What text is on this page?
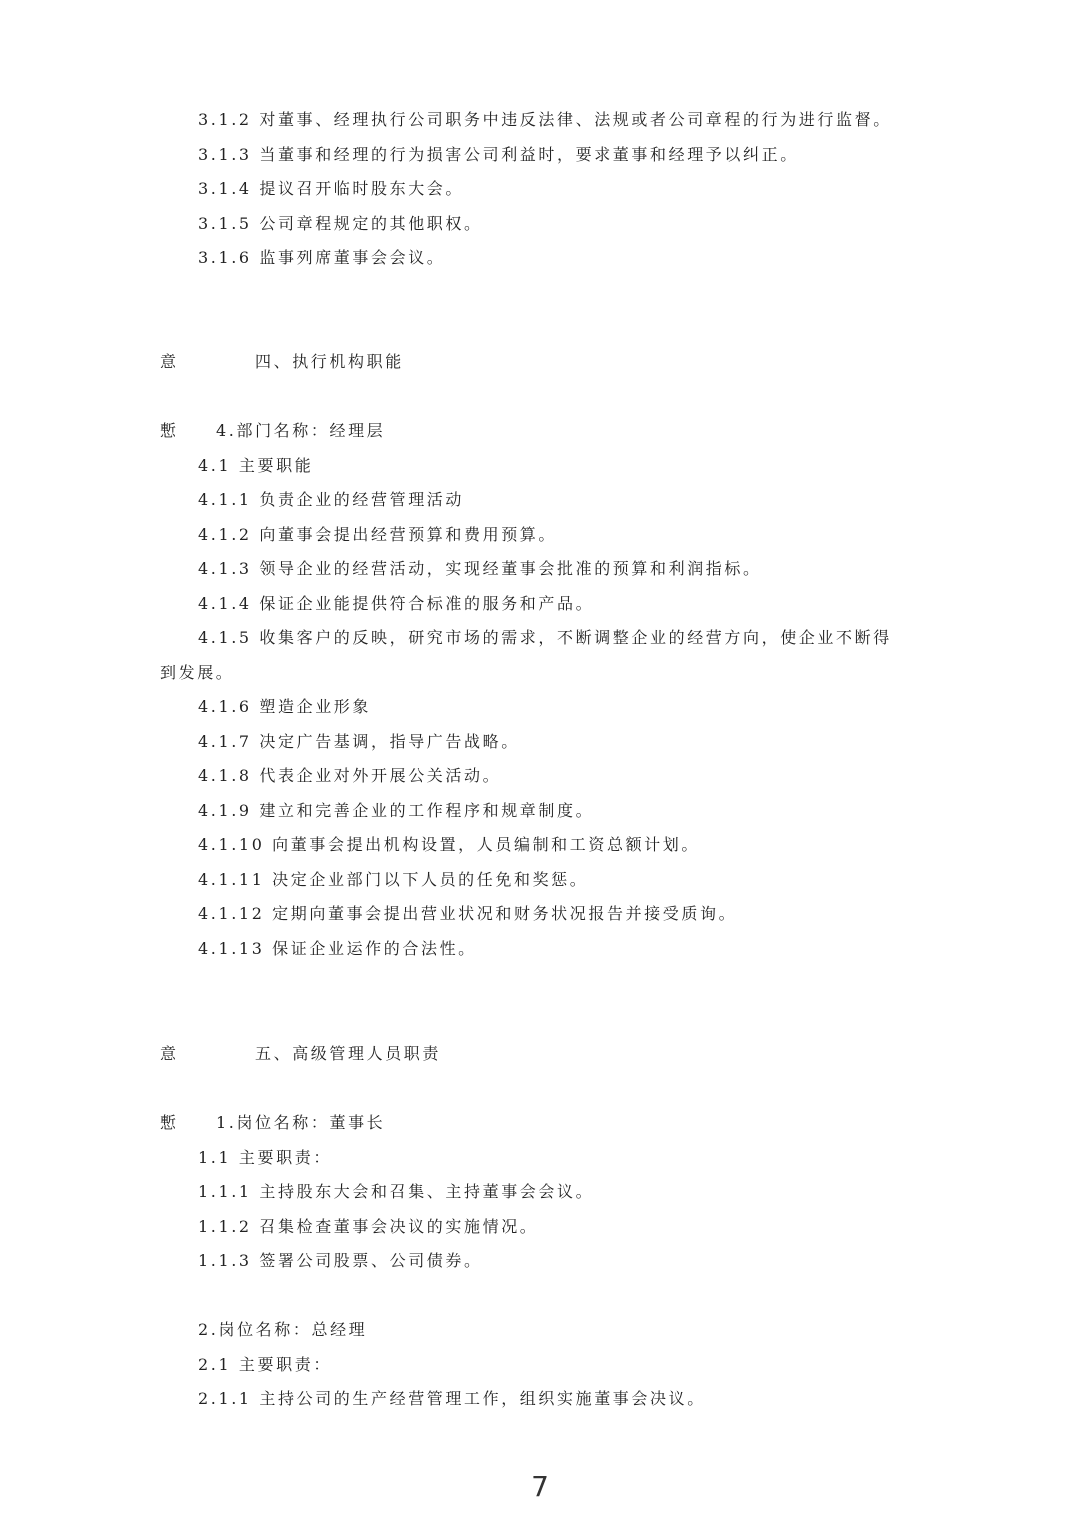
3.1.2 对董事、经理执行公司职务中违反法律、法规或者公司章程的行为进行监督。
3.1.3 当董事和经理的行为损害公司利益时，要求董事和经理予以纠正。
3.1.4 提议召开临时股东大会。
3.1.5 公司章程规定的其他职权。
3.1.6 监事列席董事会会议。
意	四、执行机构职能
慙 4.部门名称：经理层
4.1 主要职能
4.1.1 负责企业的经营管理活动
4.1.2 向董事会提出经营预算和费用预算。
4.1.3 领导企业的经营活动，实现经董事会批准的预算和利润指标。
4.1.4 保证企业能提供符合标准的服务和产品。
4.1.5 收集客户的反映，研究市场的需求，不断调整企业的经营方向，使企业不断得
到发展。
4.1.6 塑造企业形象
4.1.7 决定广告基调，指导广告战略。
4.1.8 代表企业对外开展公关活动。
4.1.9 建立和完善企业的工作程序和规章制度。
4.1.10 向董事会提出机构设置，人员编制和工资总额计划。
4.1.11 决定企业部门以下人员的任免和奖惩。
4.1.12 定期向董事会提出营业状况和财务状况报告并接受质询。
4.1.13 保证企业运作的合法性。
意	五、高级管理人员职责
慙 1.岗位名称：董事长
1.1 主要职责：
1.1.1 主持股东大会和召集、主持董事会会议。
1.1.2 召集检查董事会决议的实施情况。
1.1.3 签署公司股票、公司债券。
2.岗位名称：总经理
2.1 主要职责：
2.1.1 主持公司的生产经营管理工作，组织实施董事会决议。
7
